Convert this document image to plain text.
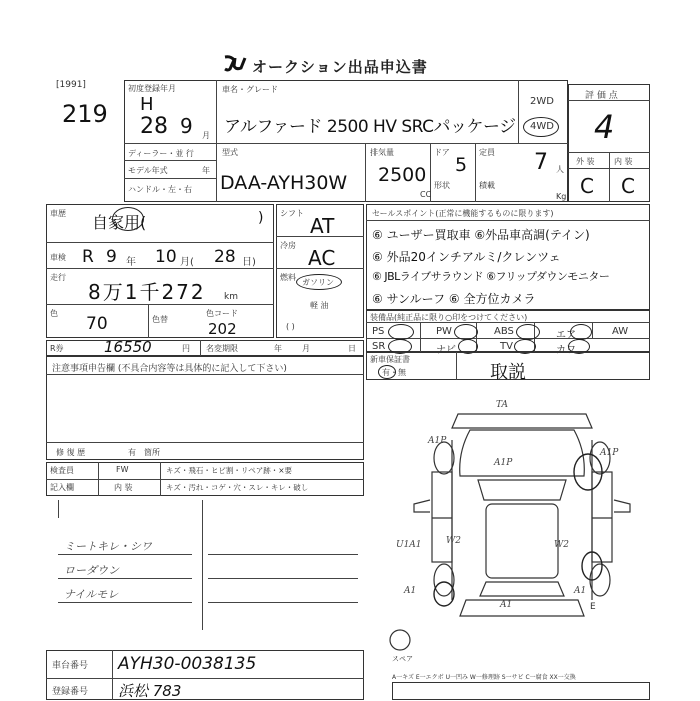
オークション出品申込書
[1991]
219
初度登録年月
H
28 9 月
車名・グレード
アルファード 2500 HV SRCパッケージ
2WD
4WD
ディーラー・並 行
モデル年式	年
ハンドル・左・右
型式
DAA-AYH30W
排気量
2500
CC
ドア
5
形状
定員 7 人
積載
Kg
評 価 点
4
外 装 内 装
C C
車歴 自家用(	)
車検 R 9 年 10 月( 28 日)
走行
8万1千272 km
色
70	色替
色コード
202
シフト
AT
冷房
AC
燃料
ガソリン
軽 油
( )
セールスポイント(正常に機能するものに限ります)
⑥ ユーザー買取車 ⑥外品車高調(テイン)
⑥ 外品20インチアルミ/クレンツェ
⑥ JBLライブサラウンド ⑥フリップダウンモニター
⑥ サンルーフ ⑥ 全方位カメラ
装備品(純正品に限り○印をつけてください)
PS	PW	ABS	エア	AW
SR	ナビ	TV	カワ
R券	16550	円 名変期限	年	月	日
新車保証書
有・無	取説
注意事項申告欄 (不具合内容等は具体的に記入して下さい)
修 復 歴	有 箇所
検査員
記入欄
FW
内 装
キズ・飛石・ヒビ割・リペア跡・×要
キズ・汚れ・コゲ・穴・スレ・キレ・破し
ミートキレ・シワ
ローダウン
ナイルモレ
TA
A1P
A1P
A1P
W2	W2
U1A1
A1
A1
A1
E
スペア
車台番号 AYH30-0038135
登録番号 浜松 783
A一キズ E一エクボ U一凹み W一修理跡 S一サビ C一腐食 XX一交換
